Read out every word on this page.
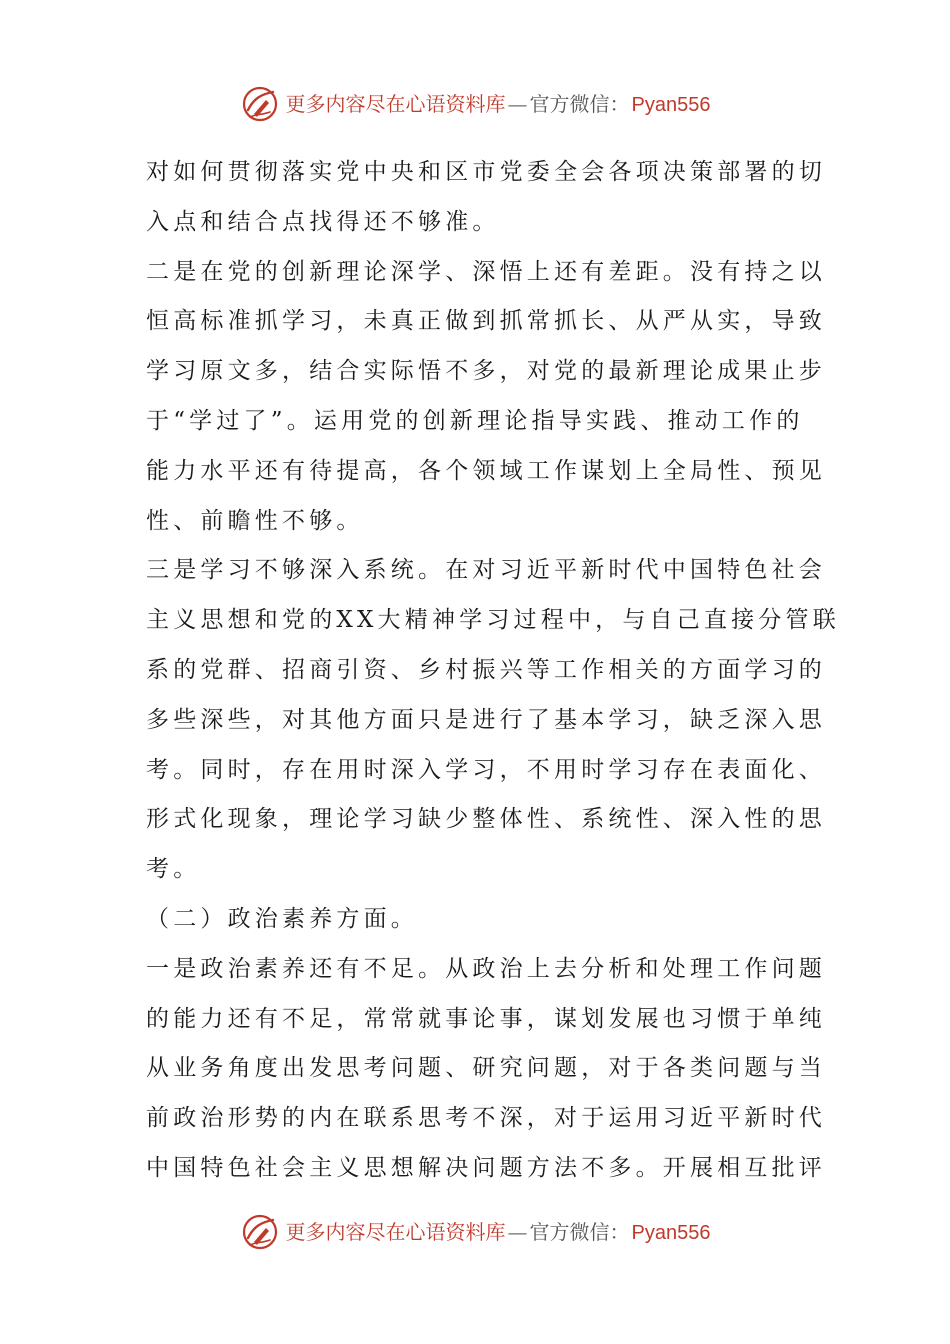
更多内容尽在心语资料库 — 官方微信： Pyan556

对如何贯彻落实党中央和区市党委全会各项决策部署的切

入点和结合点找得还不够准。

二是在党的创新理论深学、深悟上还有差距。没有持之以

恒高标准抓学习，未真正做到抓常抓长、从严从实，导致

学习原文多，结合实际悟不多，对党的最新理论成果止步

于“学过了”。运用党的创新理论指导实践、推动工作的

能力水平还有待提高，各个领域工作谋划上全局性、预见

性、前瞻性不够。

三是学习不够深入系统。在对习近平新时代中国特色社会

主义思想和党的XX大精神学习过程中，与自己直接分管联

系的党群、招商引资、乡村振兴等工作相关的方面学习的

多些深些，对其他方面只是进行了基本学习，缺乏深入思

考。同时，存在用时深入学习，不用时学习存在表面化、

形式化现象，理论学习缺少整体性、系统性、深入性的思

考。

（二）政治素养方面。

一是政治素养还有不足。从政治上去分析和处理工作问题

的能力还有不足，常常就事论事，谋划发展也习惯于单纯

从业务角度出发思考问题、研究问题，对于各类问题与当

前政治形势的内在联系思考不深，对于运用习近平新时代

中国特色社会主义思想解决问题方法不多。开展相互批评

更多内容尽在心语资料库 — 官方微信： Pyan556
